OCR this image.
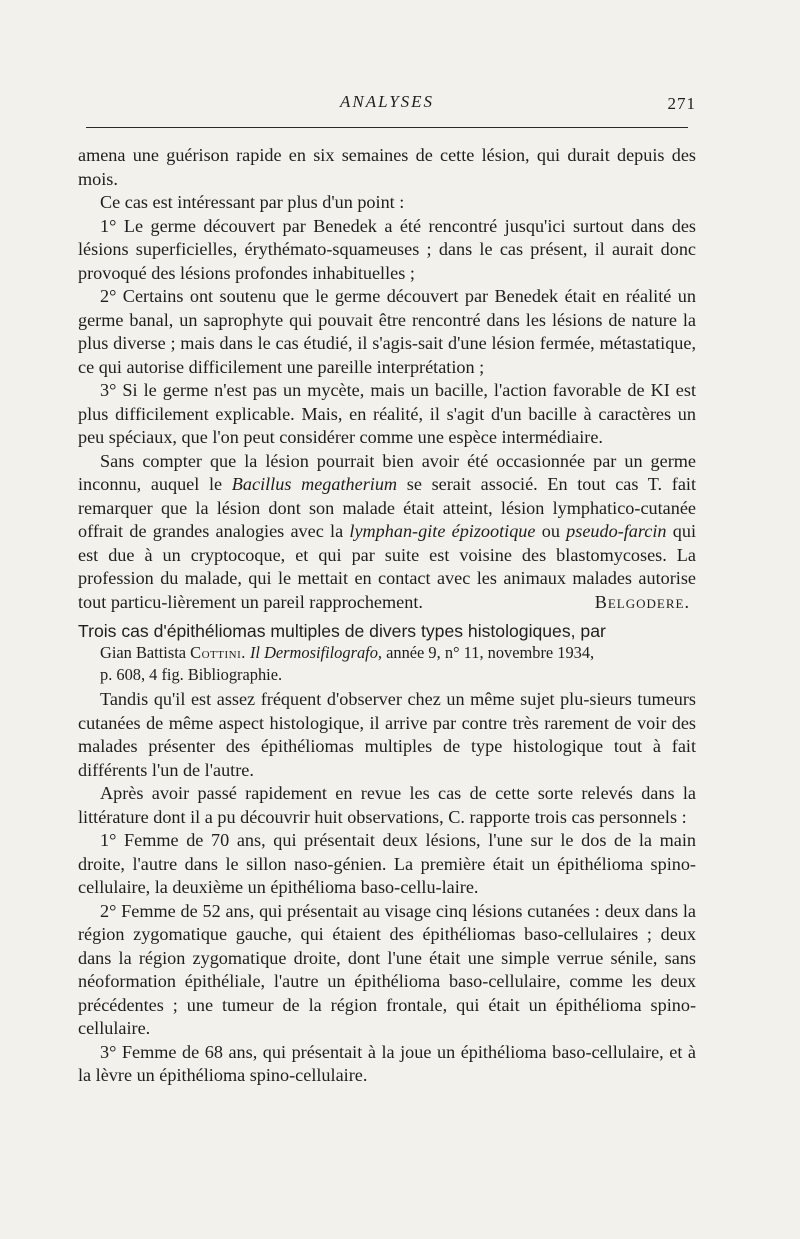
ANALYSES	271

amena une guérison rapide en six semaines de cette lésion, qui durait depuis des mois.

Ce cas est intéressant par plus d'un point :

1° Le germe découvert par Benedek a été rencontré jusqu'ici surtout dans des lésions superficielles, érythémato-squameuses ; dans le cas présent, il aurait donc provoqué des lésions profondes inhabituelles ;

2° Certains ont soutenu que le germe découvert par Benedek était en réalité un germe banal, un saprophyte qui pouvait être rencontré dans les lésions de nature la plus diverse ; mais dans le cas étudié, il s'agis-sait d'une lésion fermée, métastatique, ce qui autorise difficilement une pareille interprétation ;

3° Si le germe n'est pas un mycète, mais un bacille, l'action favorable de KI est plus difficilement explicable. Mais, en réalité, il s'agit d'un bacille à caractères un peu spéciaux, que l'on peut considérer comme une espèce intermédiaire.

Sans compter que la lésion pourrait bien avoir été occasionnée par un germe inconnu, auquel le Bacillus megatherium se serait associé. En tout cas T. fait remarquer que la lésion dont son malade était atteint, lésion lymphatico-cutanée offrait de grandes analogies avec la lymphan-gite épizootique ou pseudo-farcin qui est due à un cryptocoque, et qui par suite est voisine des blastomycoses. La profession du malade, qui le mettait en contact avec les animaux malades autorise tout particu-lièrement un pareil rapprochement.	Belgodere.

Trois cas d'épithéliomas multiples de divers types histologiques, par
Gian Battista Cottini. Il Dermosifilografo, année 9, n° 11, novembre 1934,
p. 608, 4 fig. Bibliographie.

Tandis qu'il est assez fréquent d'observer chez un même sujet plu-sieurs tumeurs cutanées de même aspect histologique, il arrive par contre très rarement de voir des malades présenter des épithéliomas multiples de type histologique tout à fait différents l'un de l'autre.

Après avoir passé rapidement en revue les cas de cette sorte relevés dans la littérature dont il a pu découvrir huit observations, C. rapporte trois cas personnels :

1° Femme de 70 ans, qui présentait deux lésions, l'une sur le dos de la main droite, l'autre dans le sillon naso-génien. La première était un épithélioma spino-cellulaire, la deuxième un épithélioma baso-cellu-laire.

2° Femme de 52 ans, qui présentait au visage cinq lésions cutanées : deux dans la région zygomatique gauche, qui étaient des épithéliomas baso-cellulaires ; deux dans la région zygomatique droite, dont l'une était une simple verrue sénile, sans néoformation épithéliale, l'autre un épithélioma baso-cellulaire, comme les deux précédentes ; une tumeur de la région frontale, qui était un épithélioma spino-cellulaire.

3° Femme de 68 ans, qui présentait à la joue un épithélioma baso-cellulaire, et à la lèvre un épithélioma spino-cellulaire.
